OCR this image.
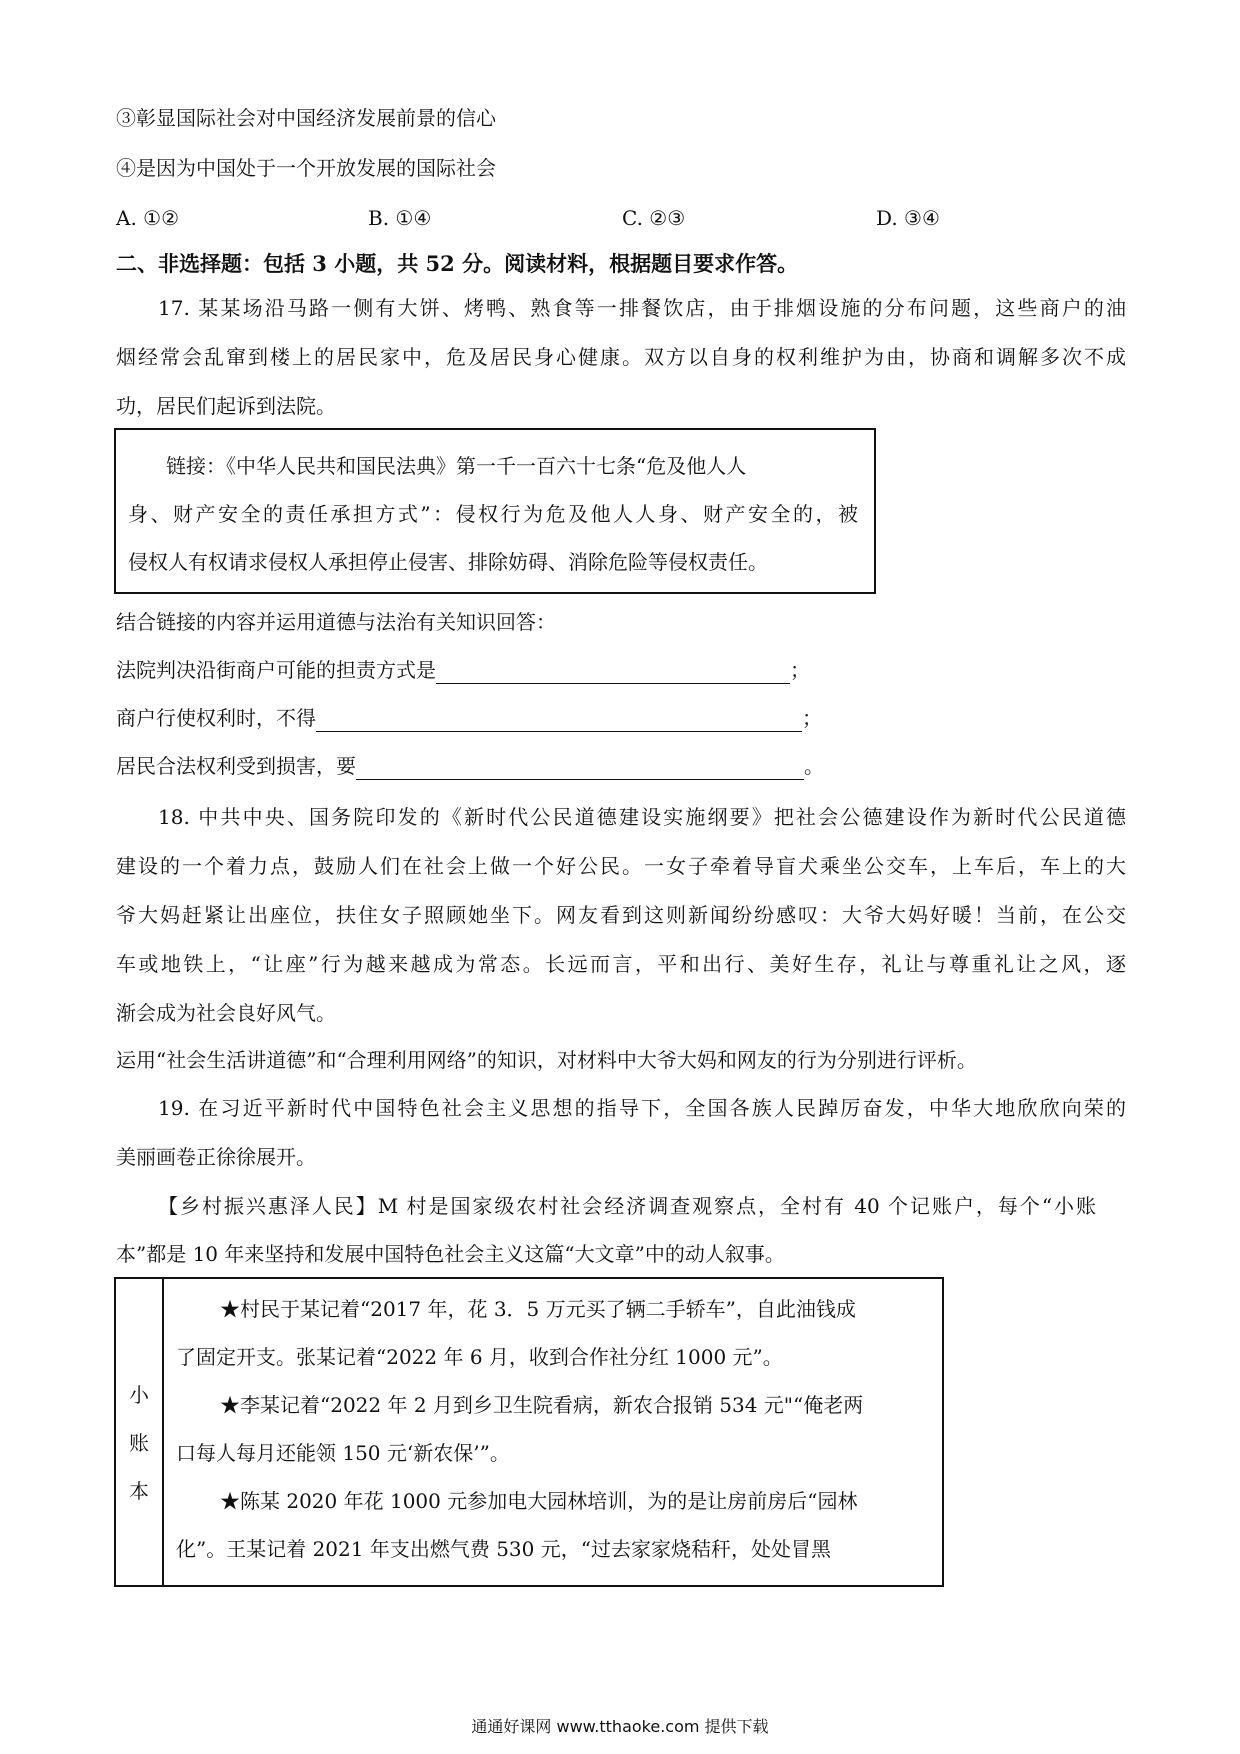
③彰显国际社会对中国经济发展前景的信心
④是因为中国处于一个开放发展的国际社会
A. ①②	B. ①④	C. ②③	D. ③④
二、非选择题：包括 3 小题，共 52 分。阅读材料，根据题目要求作答。
17. 某某场沿马路一侧有大饼、烤鸭、熟食等一排餐饮店，由于排烟设施的分布问题，这些商户的油
烟经常会乱窜到楼上的居民家中，危及居民身心健康。双方以自身的权利维护为由，协商和调解多次不成
功，居民们起诉到法院。
链接：《中华人民共和国民法典》第一千一百六十七条“危及他人人
身、财产安全的责任承担方式”：侵权行为危及他人人身、财产安全的，被
侵权人有权请求侵权人承担停止侵害、排除妨碍、消除危险等侵权责任。
结合链接的内容并运用道德与法治有关知识回答：
法院判决沿街商户可能的担责方式是	；
商户行使权利时，不得	；
居民合法权利受到损害，要	。
18. 中共中央、国务院印发的《新时代公民道德建设实施纲要》把社会公德建设作为新时代公民道德
建设的一个着力点，鼓励人们在社会上做一个好公民。一女子牵着导盲犬乘坐公交车，上车后，车上的大
爷大妈赶紧让出座位，扶住女子照顾她坐下。网友看到这则新闻纷纷感叹：大爷大妈好暖！当前，在公交
车或地铁上，“让座”行为越来越成为常态。长远而言，平和出行、美好生存，礼让与尊重礼让之风，逐
渐会成为社会良好风气。
运用“社会生活讲道德”和“合理利用网络”的知识，对材料中大爷大妈和网友的行为分别进行评析。
19. 在习近平新时代中国特色社会主义思想的指导下，全国各族人民踔厉奋发，中华大地欣欣向荣的
美丽画卷正徐徐展开。
【乡村振兴惠泽人民】M 村是国家级农村社会经济调查观察点，全村有 40 个记账户，每个“小账
本”都是 10 年来坚持和发展中国特色社会主义这篇“大文章”中的动人叙事。
小
账
本
★村民于某记着“2017 年，花 3．5 万元买了辆二手轿车”，自此油钱成
了固定开支。张某记着“2022 年 6 月，收到合作社分红 1000 元”。
★李某记着“2022 年 2 月到乡卫生院看病，新农合报销 534 元"“俺老两
口每人每月还能领 150 元‘新农保’”。
★陈某 2020 年花 1000 元参加电大园林培训，为的是让房前房后“园林
化”。王某记着 2021 年支出燃气费 530 元，“过去家家烧秸秆，处处冒黑
通通好课网 www.tthaoke.com 提供下载
